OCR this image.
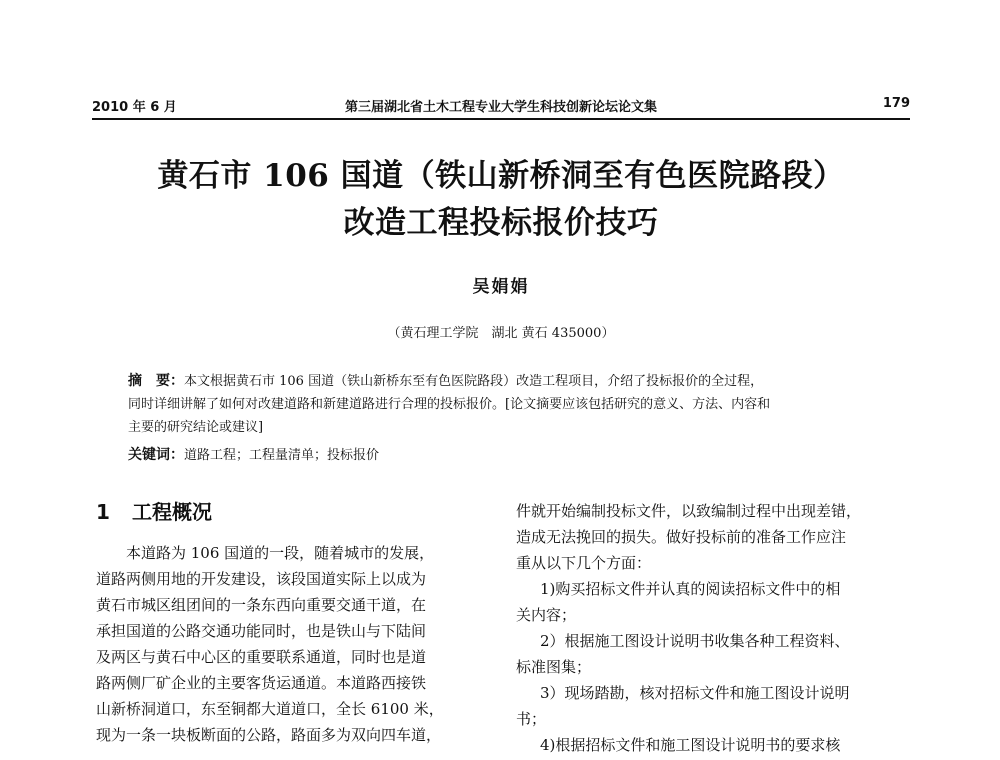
2010 年 6 月	第三届湖北省土木工程专业大学生科技创新论坛论文集	179
黄石市 106 国道（铁山新桥洞至有色医院路段）
改造工程投标报价技巧
吴娟娟
（黄石理工学院　湖北 黄石 435000）
摘　要：本文根据黄石市 106 国道（铁山新桥东至有色医院路段）改造工程项目，介绍了投标报价的全过程，
同时详细讲解了如何对改建道路和新建道路进行合理的投标报价。[论文摘要应该包括研究的意义、方法、内容和
主要的研究结论或建议]
关键词：道路工程；工程量清单；投标报价
1 工程概况
本道路为 106 国道的一段，随着城市的发展，
道路两侧用地的开发建设，该段国道实际上以成为
黄石市城区组团间的一条东西向重要交通干道，在
承担国道的公路交通功能同时，也是铁山与下陆间
及两区与黄石中心区的重要联系通道，同时也是道
路两侧厂矿企业的主要客货运通道。本道路西接铁
山新桥洞道口，东至铜都大道道口，全长 6100 米，
现为一条一块板断面的公路，路面多为双向四车道，
件就开始编制投标文件，以致编制过程中出现差错，
造成无法挽回的损失。做好投标前的准备工作应注
重从以下几个方面：
1)购买招标文件并认真的阅读招标文件中的相
关内容；
2）根据施工图设计说明书收集各种工程资料、
标准图集；
3）现场踏勘，核对招标文件和施工图设计说明
书；
4)根据招标文件和施工图设计说明书的要求核
